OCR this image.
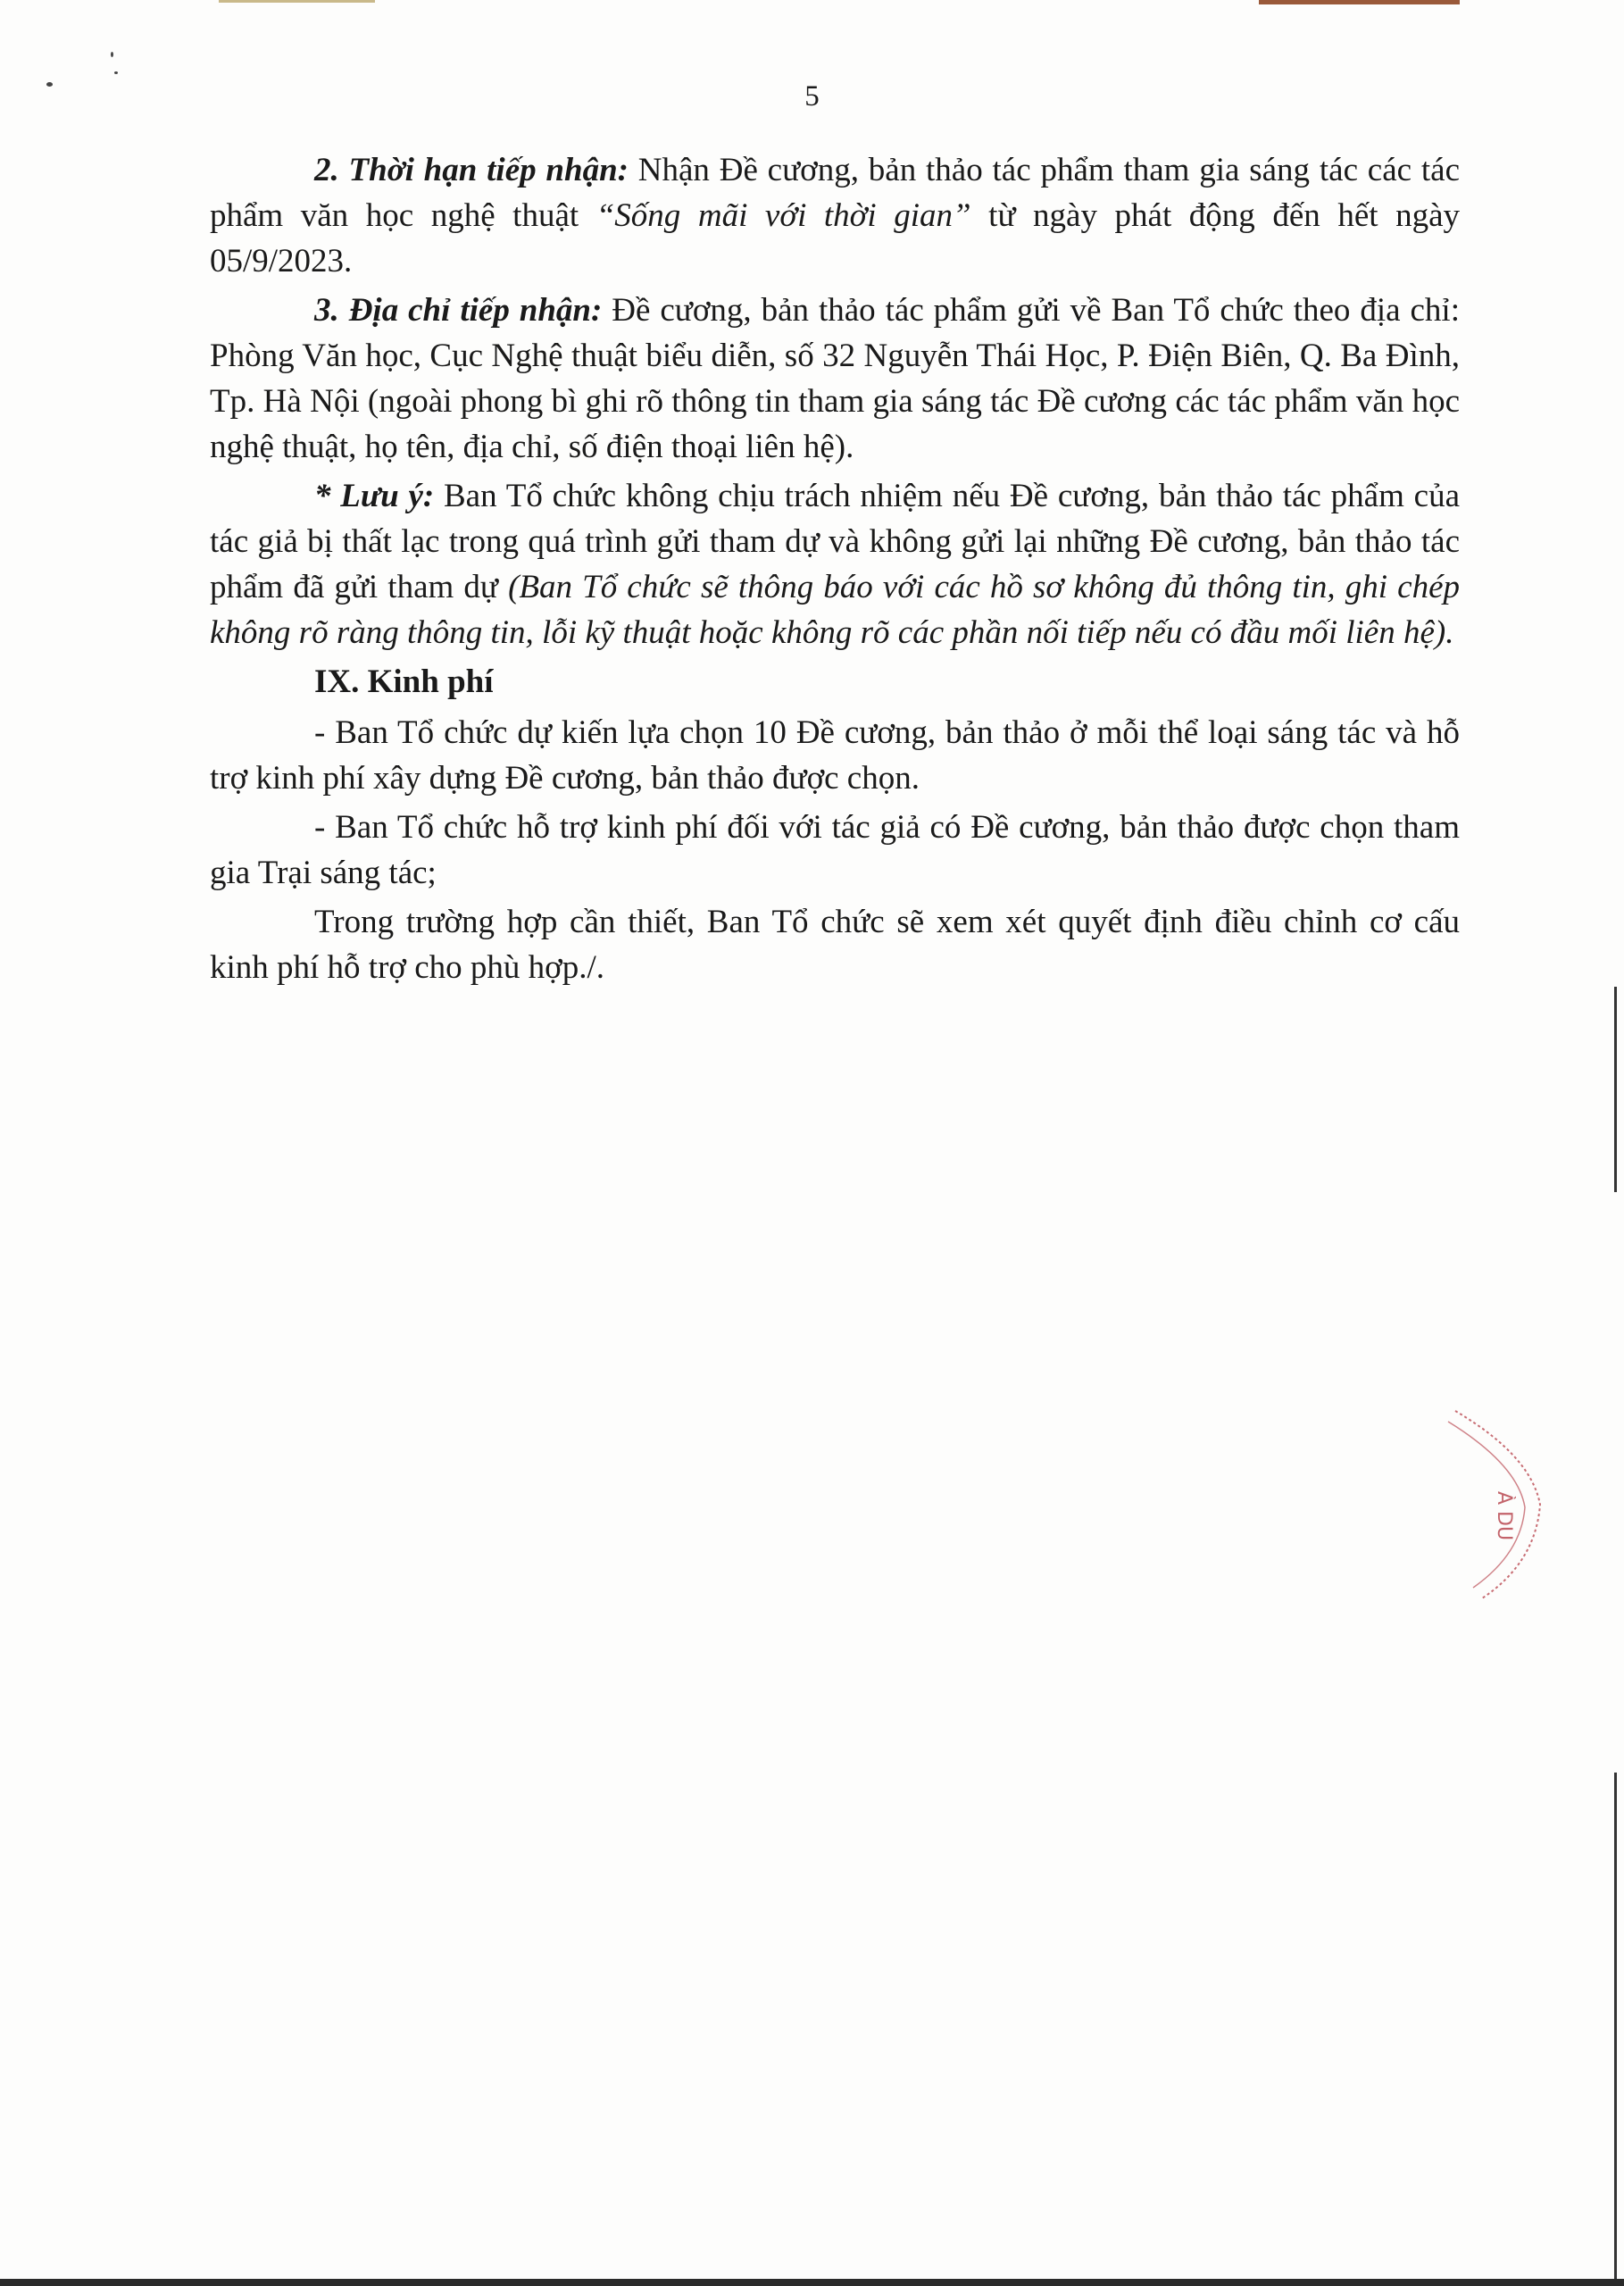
5

2. Thời hạn tiếp nhận: Nhận Đề cương, bản thảo tác phẩm tham gia sáng tác các tác phẩm văn học nghệ thuật “Sống mãi với thời gian” từ ngày phát động đến hết ngày 05/9/2023.

3. Địa chỉ tiếp nhận: Đề cương, bản thảo tác phẩm gửi về Ban Tổ chức theo địa chỉ: Phòng Văn học, Cục Nghệ thuật biểu diễn, số 32 Nguyễn Thái Học, P. Điện Biên, Q. Ba Đình, Tp. Hà Nội (ngoài phong bì ghi rõ thông tin tham gia sáng tác Đề cương các tác phẩm văn học nghệ thuật, họ tên, địa chỉ, số điện thoại liên hệ).

* Lưu ý: Ban Tổ chức không chịu trách nhiệm nếu Đề cương, bản thảo tác phẩm của tác giả bị thất lạc trong quá trình gửi tham dự và không gửi lại những Đề cương, bản thảo tác phẩm đã gửi tham dự (Ban Tổ chức sẽ thông báo với các hồ sơ không đủ thông tin, ghi chép không rõ ràng thông tin, lỗi kỹ thuật hoặc không rõ các phần nối tiếp nếu có đầu mối liên hệ).

IX. Kinh phí

- Ban Tổ chức dự kiến lựa chọn 10 Đề cương, bản thảo ở mỗi thể loại sáng tác và hỗ trợ kinh phí xây dựng Đề cương, bản thảo được chọn.

- Ban Tổ chức hỗ trợ kinh phí đối với tác giả có Đề cương, bản thảo được chọn tham gia Trại sáng tác;

Trong trường hợp cần thiết, Ban Tổ chức sẽ xem xét quyết định điều chỉnh cơ cấu kinh phí hỗ trợ cho phù hợp./.

À DU
